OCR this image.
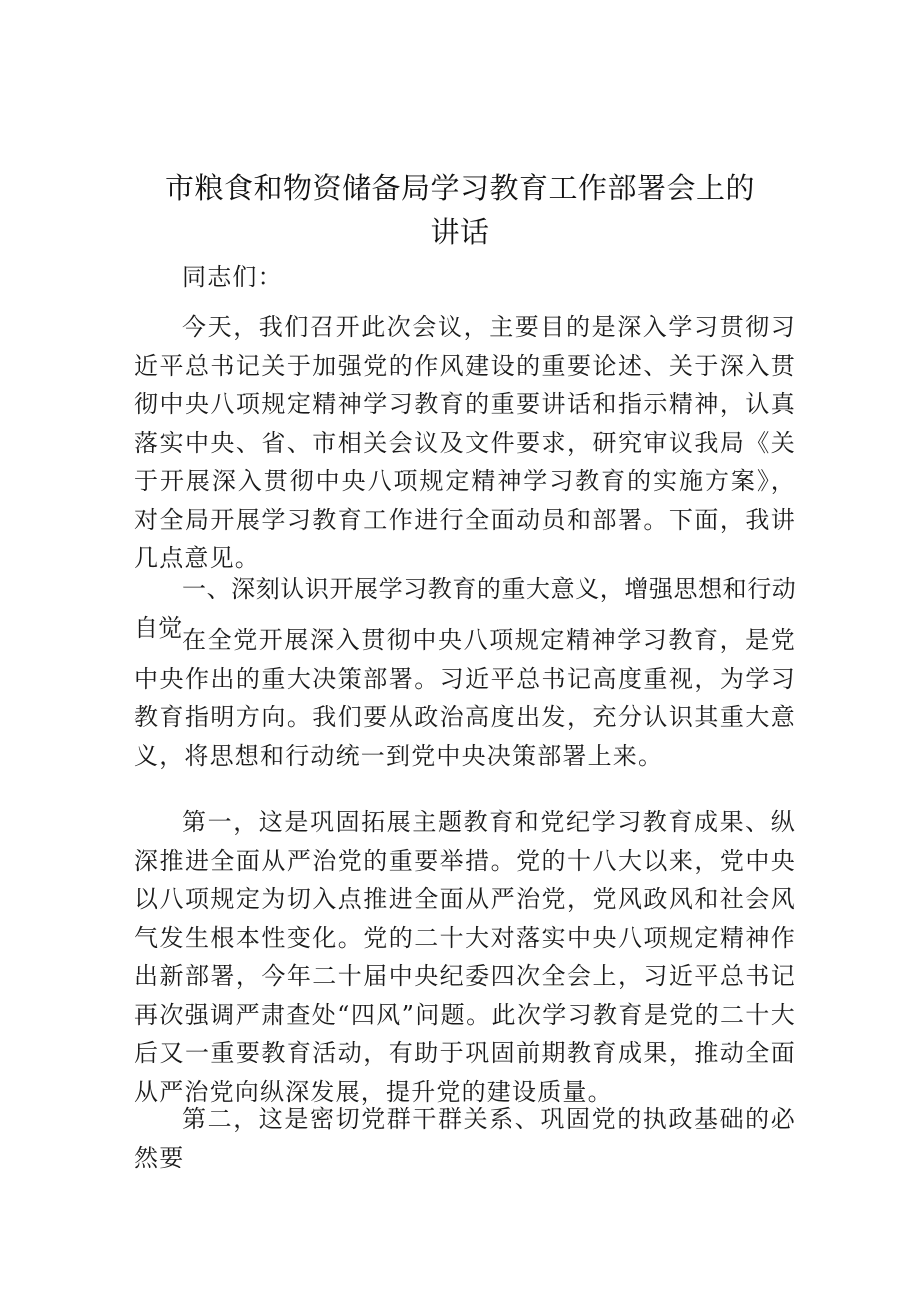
市粮食和物资储备局学习教育工作部署会上的
讲话

同志们：

今天，我们召开此次会议，主要目的是深入学习贯彻习近平总书记关于加强党的作风建设的重要论述、关于深入贯彻中央八项规定精神学习教育的重要讲话和指示精神，认真落实中央、省、市相关会议及文件要求，研究审议我局《关于开展深入贯彻中央八项规定精神学习教育的实施方案》，对全局开展学习教育工作进行全面动员和部署。下面，我讲几点意见。

一、深刻认识开展学习教育的重大意义，增强思想和行动自觉 在全党开展深入贯彻中央八项规定精神学习教育，是党中央作出的重大决策部署。习近平总书记高度重视，为学习教育指明方向。我们要从政治高度出发，充分认识其重大意义，将思想和行动统一到党中央决策部署上来。

第一，这是巩固拓展主题教育和党纪学习教育成果、纵深推进全面从严治党的重要举措。党的十八大以来，党中央以八项规定为切入点推进全面从严治党，党风政风和社会风气发生根本性变化。党的二十大对落实中央八项规定精神作出新部署，今年二十届中央纪委四次全会上，习近平总书记再次强调严肃查处“四风”问题。此次学习教育是党的二十大后又一重要教育活动，有助于巩固前期教育成果，推动全面从严治党向纵深发展，提升党的建设质量。

第二，这是密切党群干群关系、巩固党的执政基础的必然要
